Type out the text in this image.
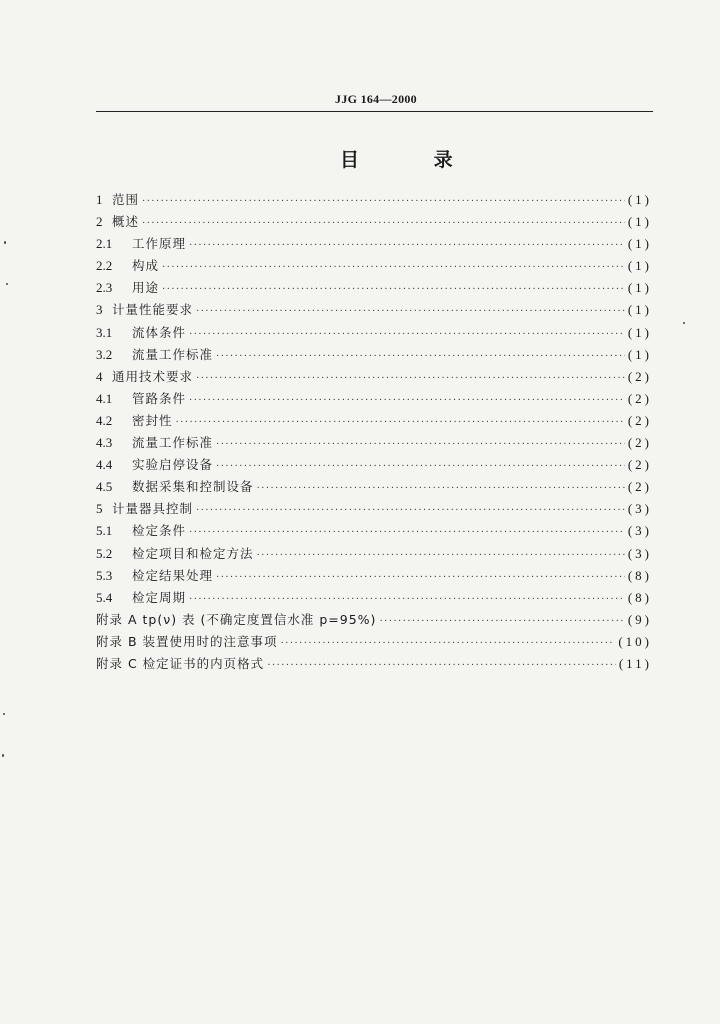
JJG 164—2000
目 录
1 范围 ·····	(1)
2 概述 ·····	(1)
2.1	工作原理 ·····	(1)
2.2	构成 ·····	(1)
2.3	用途 ·····	(1)
3 计量性能要求 ·····	(1)
3.1	流体条件 ·····	(1)
3.2	流量工作标准 ·····	(1)
4 通用技术要求 ·····	(2)
4.1	管路条件 ·····	(2)
4.2	密封性 ·····	(2)
4.3	流量工作标准 ·····	(2)
4.4	实验启停设备 ·····	(2)
4.5	数据采集和控制设备 ·····	(2)
5 计量器具控制 ·····	(3)
5.1	检定条件 ·····	(3)
5.2	检定项目和检定方法 ·····	(3)
5.3	检定结果处理 ·····	(8)
5.4	检定周期 ·····	(8)
附录 A tp(ν) 表 (不确定度置信水准 p=95%) ·····	(9)
附录 B 装置使用时的注意事项 ·····	(10)
附录 C 检定证书的内页格式 ·····	(11)
